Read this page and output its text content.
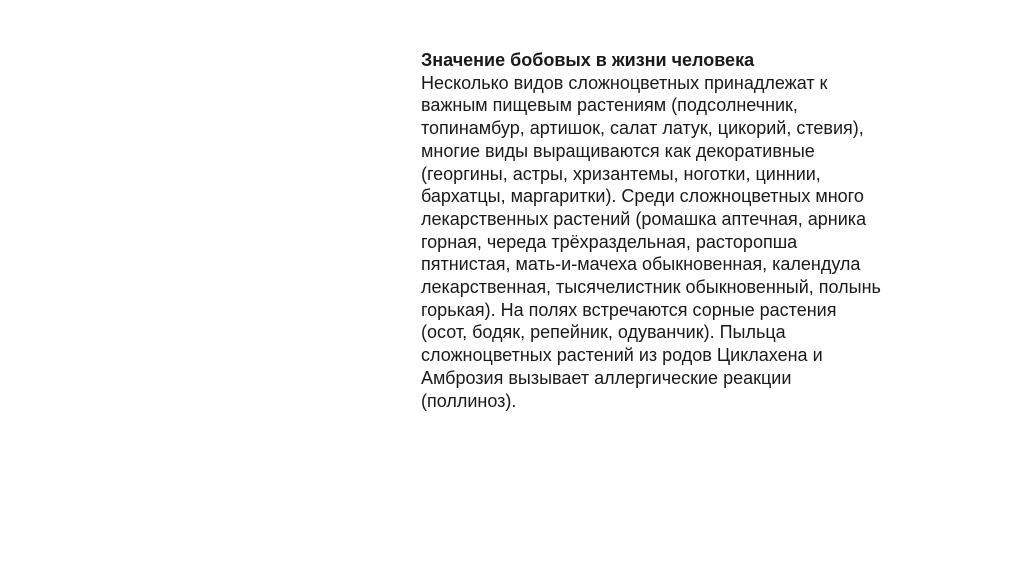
Значение бобовых в жизни человека
Несколько видов сложноцветных принадлежат к
важным пищевым растениям (подсолнечник,
топинамбур, артишок, салат латук, цикорий, стевия),
многие виды выращиваются как декоративные
(георгины, астры, хризантемы, ноготки, циннии,
бархатцы, маргаритки). Среди сложноцветных много
лекарственных растений (ромашка аптечная, арника
горная, череда трёхраздельная, расторопша
пятнистая, мать-и-мачеха обыкновенная, календула
лекарственная, тысячелистник обыкновенный, полынь
горькая). На полях встречаются сорные растения
(осот, бодяк, репейник, одуванчик). Пыльца
сложноцветных растений из родов Циклахена и
Амброзия вызывает аллергические реакции
(поллиноз).
